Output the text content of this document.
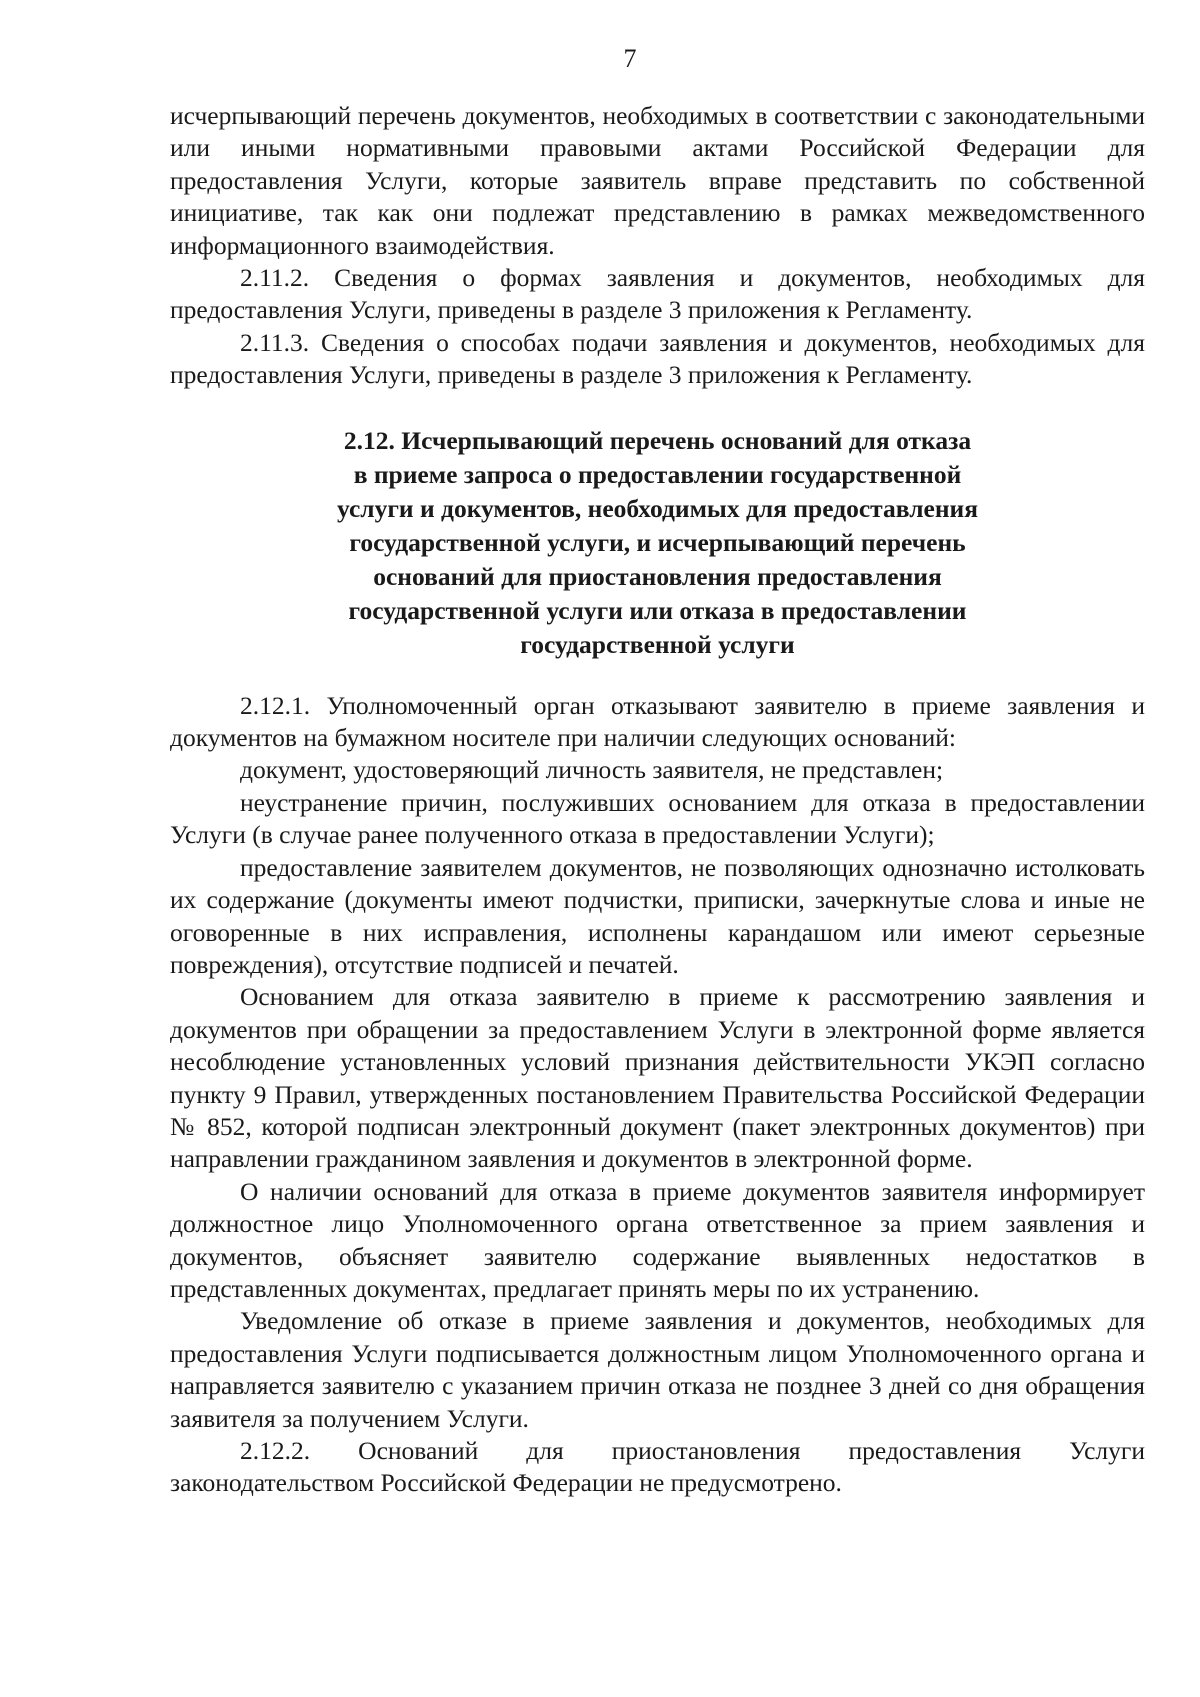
7

исчерпывающий перечень документов, необходимых в соответствии с законодательными или иными нормативными правовыми актами Российской Федерации для предоставления Услуги, которые заявитель вправе представить по собственной инициативе, так как они подлежат представлению в рамках межведомственного информационного взаимодействия.

2.11.2. Сведения о формах заявления и документов, необходимых для предоставления Услуги, приведены в разделе 3 приложения к Регламенту.

2.11.3. Сведения о способах подачи заявления и документов, необходимых для предоставления Услуги, приведены в разделе 3 приложения к Регламенту.

2.12. Исчерпывающий перечень оснований для отказа
в приеме запроса о предоставлении государственной
услуги и документов, необходимых для предоставления
государственной услуги, и исчерпывающий перечень
оснований для приостановления предоставления
государственной услуги или отказа в предоставлении
государственной услуги

2.12.1. Уполномоченный орган отказывают заявителю в приеме заявления и документов на бумажном носителе при наличии следующих оснований:

документ, удостоверяющий личность заявителя, не представлен;

неустранение причин, послуживших основанием для отказа в предоставлении Услуги (в случае ранее полученного отказа в предоставлении Услуги);

предоставление заявителем документов, не позволяющих однозначно истолковать их содержание (документы имеют подчистки, приписки, зачеркнутые слова и иные не оговоренные в них исправления, исполнены карандашом или имеют серьезные повреждения), отсутствие подписей и печатей.

Основанием для отказа заявителю в приеме к рассмотрению заявления и документов при обращении за предоставлением Услуги в электронной форме является несоблюдение установленных условий признания действительности УКЭП согласно пункту 9 Правил, утвержденных постановлением Правительства Российской Федерации № 852, которой подписан электронный документ (пакет электронных документов) при направлении гражданином заявления и документов в электронной форме.

О наличии оснований для отказа в приеме документов заявителя информирует должностное лицо Уполномоченного органа ответственное за прием заявления и документов, объясняет заявителю содержание выявленных недостатков в представленных документах, предлагает принять меры по их устранению.

Уведомление об отказе в приеме заявления и документов, необходимых для предоставления Услуги подписывается должностным лицом Уполномоченного органа и направляется заявителю с указанием причин отказа не позднее 3 дней со дня обращения заявителя за получением Услуги.

2.12.2. Оснований для приостановления предоставления Услуги законодательством Российской Федерации не предусмотрено.
